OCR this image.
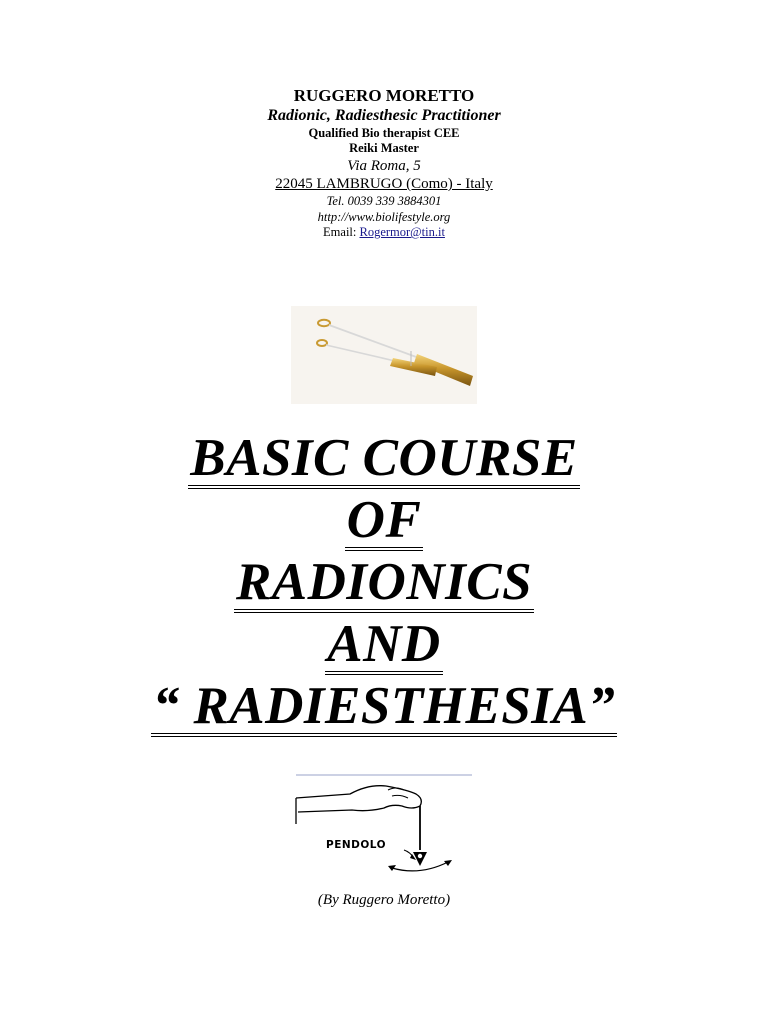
RUGGERO MORETTO
Radionic, Radiesthesic Practitioner
Qualified Bio therapist CEE
Reiki Master
Via Roma, 5
22045 LAMBRUGO (Como) - Italy
Tel. 0039 339 3884301
http://www.biolifestyle.org
Email: Rogermor@tin.it
BASIC COURSE
OF
RADIONICS
AND
“ RADIESTHESIA”
PENDOLO
(By Ruggero Moretto)
